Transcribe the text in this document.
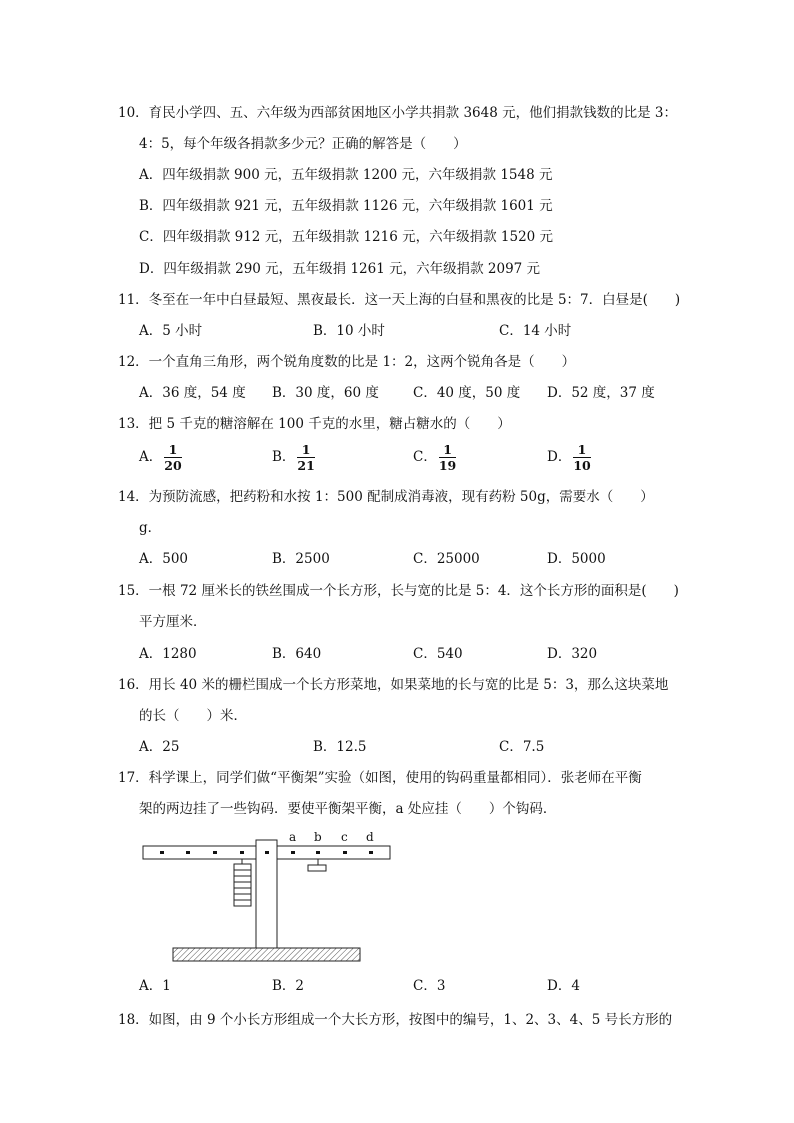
10．育民小学四、五、六年级为西部贫困地区小学共捐款 3648 元，他们捐款钱数的比是 3：
4：5，每个年级各捐款多少元？正确的解答是（　　）
A．四年级捐款 900 元，五年级捐款 1200 元，六年级捐款 1548 元
B．四年级捐款 921 元，五年级捐款 1126 元，六年级捐款 1601 元
C．四年级捐款 912 元，五年级捐款 1216 元，六年级捐款 1520 元
D．四年级捐款 290 元，五年级捐 1261 元，六年级捐款 2097 元
11．冬至在一年中白昼最短、黑夜最长．这一天上海的白昼和黑夜的比是 5：7．白昼是(　　)
A．5 小时	B．10 小时	C．14 小时
12．一个直角三角形，两个锐角度数的比是 1：2，这两个锐角各是（　　）
A．36 度，54 度 B．30 度，60 度	C．40 度，50 度 D．52 度，37 度
13．把 5 千克的糖溶解在 100 千克的水里，糖占糖水的（　　）
A． $\frac{1}{20}$	B． $\frac{1}{21}$	C． $\frac{1}{19}$	D． $\frac{1}{10}$
14．为预防流感，把药粉和水按 1：500 配制成消毒液，现有药粉 50g，需要水（　　）
g．
A．500	B．2500	C．25000	D．5000
15．一根 72 厘米长的铁丝围成一个长方形，长与宽的比是 5：4．这个长方形的面积是(　　)
平方厘米．
A．1280	B．640	C．540	D．320
16．用长 40 米的栅栏围成一个长方形菜地，如果菜地的长与宽的比是 5：3，那么这块菜地
的长（　　）米．
A．25	B．12.5	C．7.5
17．科学课上，同学们做“平衡架”实验（如图，使用的钩码重量都相同）．张老师在平衡
架的两边挂了一些钩码．要使平衡架平衡，a 处应挂（　　）个钩码．
a b c d
A．1	B．2	C．3	D．4
18．如图，由 9 个小长方形组成一个大长方形，按图中的编号，1、2、3、4、5 号长方形的
